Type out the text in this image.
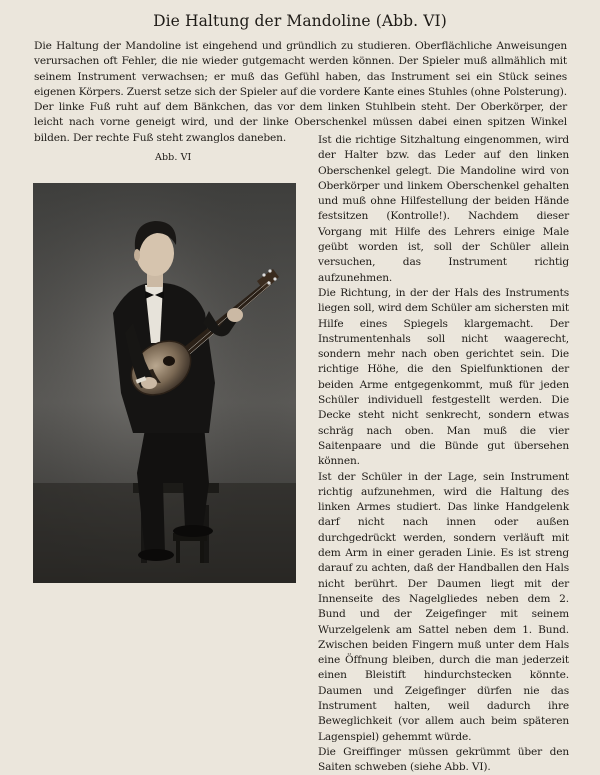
Die Haltung der Mandoline (Abb. VI)
Die Haltung der Mandoline ist eingehend und gründlich zu studieren. Oberflächliche Anweisungen verursachen oft Fehler, die nie wieder gutgemacht werden können. Der Spieler muß allmählich mit seinem Instrument verwachsen; er muß das Gefühl haben, das Instrument sei ein Stück seines eigenen Körpers. Zuerst setze sich der Spieler auf die vordere Kante eines Stuhles (ohne Polsterung). Der linke Fuß ruht auf dem Bänkchen, das vor dem linken Stuhlbein steht. Der Oberkörper, der leicht nach vorne geneigt wird, und der linke Oberschenkel müssen dabei einen spitzen Winkel bilden. Der rechte Fuß steht zwanglos daneben.
Abb. VI

Ist die richtige Sitzhaltung eingenommen, wird der Halter bzw. das Leder auf den linken Oberschenkel gelegt. Die Mandoline wird von Oberkörper und linkem Oberschenkel gehalten und muß ohne Hilfestellung der beiden Hände festsitzen (Kontrolle!). Nachdem dieser Vorgang mit Hilfe des Lehrers einige Male geübt worden ist, soll der Schüler allein versuchen, das Instrument richtig aufzunehmen.

Die Richtung, in der der Hals des Instruments liegen soll, wird dem Schüler am sichersten mit Hilfe eines Spiegels klargemacht. Der Instrumentenhals soll nicht waagerecht, sondern mehr nach oben gerichtet sein. Die richtige Höhe, die den Spielfunktionen der beiden Arme entgegenkommt, muß für jeden Schüler individuell festgestellt werden. Die Decke steht nicht senkrecht, sondern etwas schräg nach oben. Man muß die vier Saitenpaare und die Bünde gut übersehen können.

Ist der Schüler in der Lage, sein Instrument richtig aufzunehmen, wird die Haltung des linken Armes studiert. Das linke Handgelenk darf nicht nach innen oder außen durchgedrückt werden, sondern verläuft mit dem Arm in einer geraden Linie. Es ist streng darauf zu achten, daß der Handballen den Hals nicht berührt. Der Daumen liegt mit der Innenseite des Nagelgliedes neben dem 2. Bund und der Zeigefinger mit seinem Wurzelgelenk am Sattel neben dem 1. Bund. Zwischen beiden Fingern muß unter dem Hals eine Öffnung bleiben, durch die man jederzeit einen Bleistift hindurchstecken könnte. Daumen und Zeigefinger dürfen nie das Instrument halten, weil dadurch ihre Beweglichkeit (vor allem auch beim späteren Lagenspiel) gehemmt würde.

Die Greiffinger müssen gekrümmt über den Saiten schweben (siehe Abb. VI).
